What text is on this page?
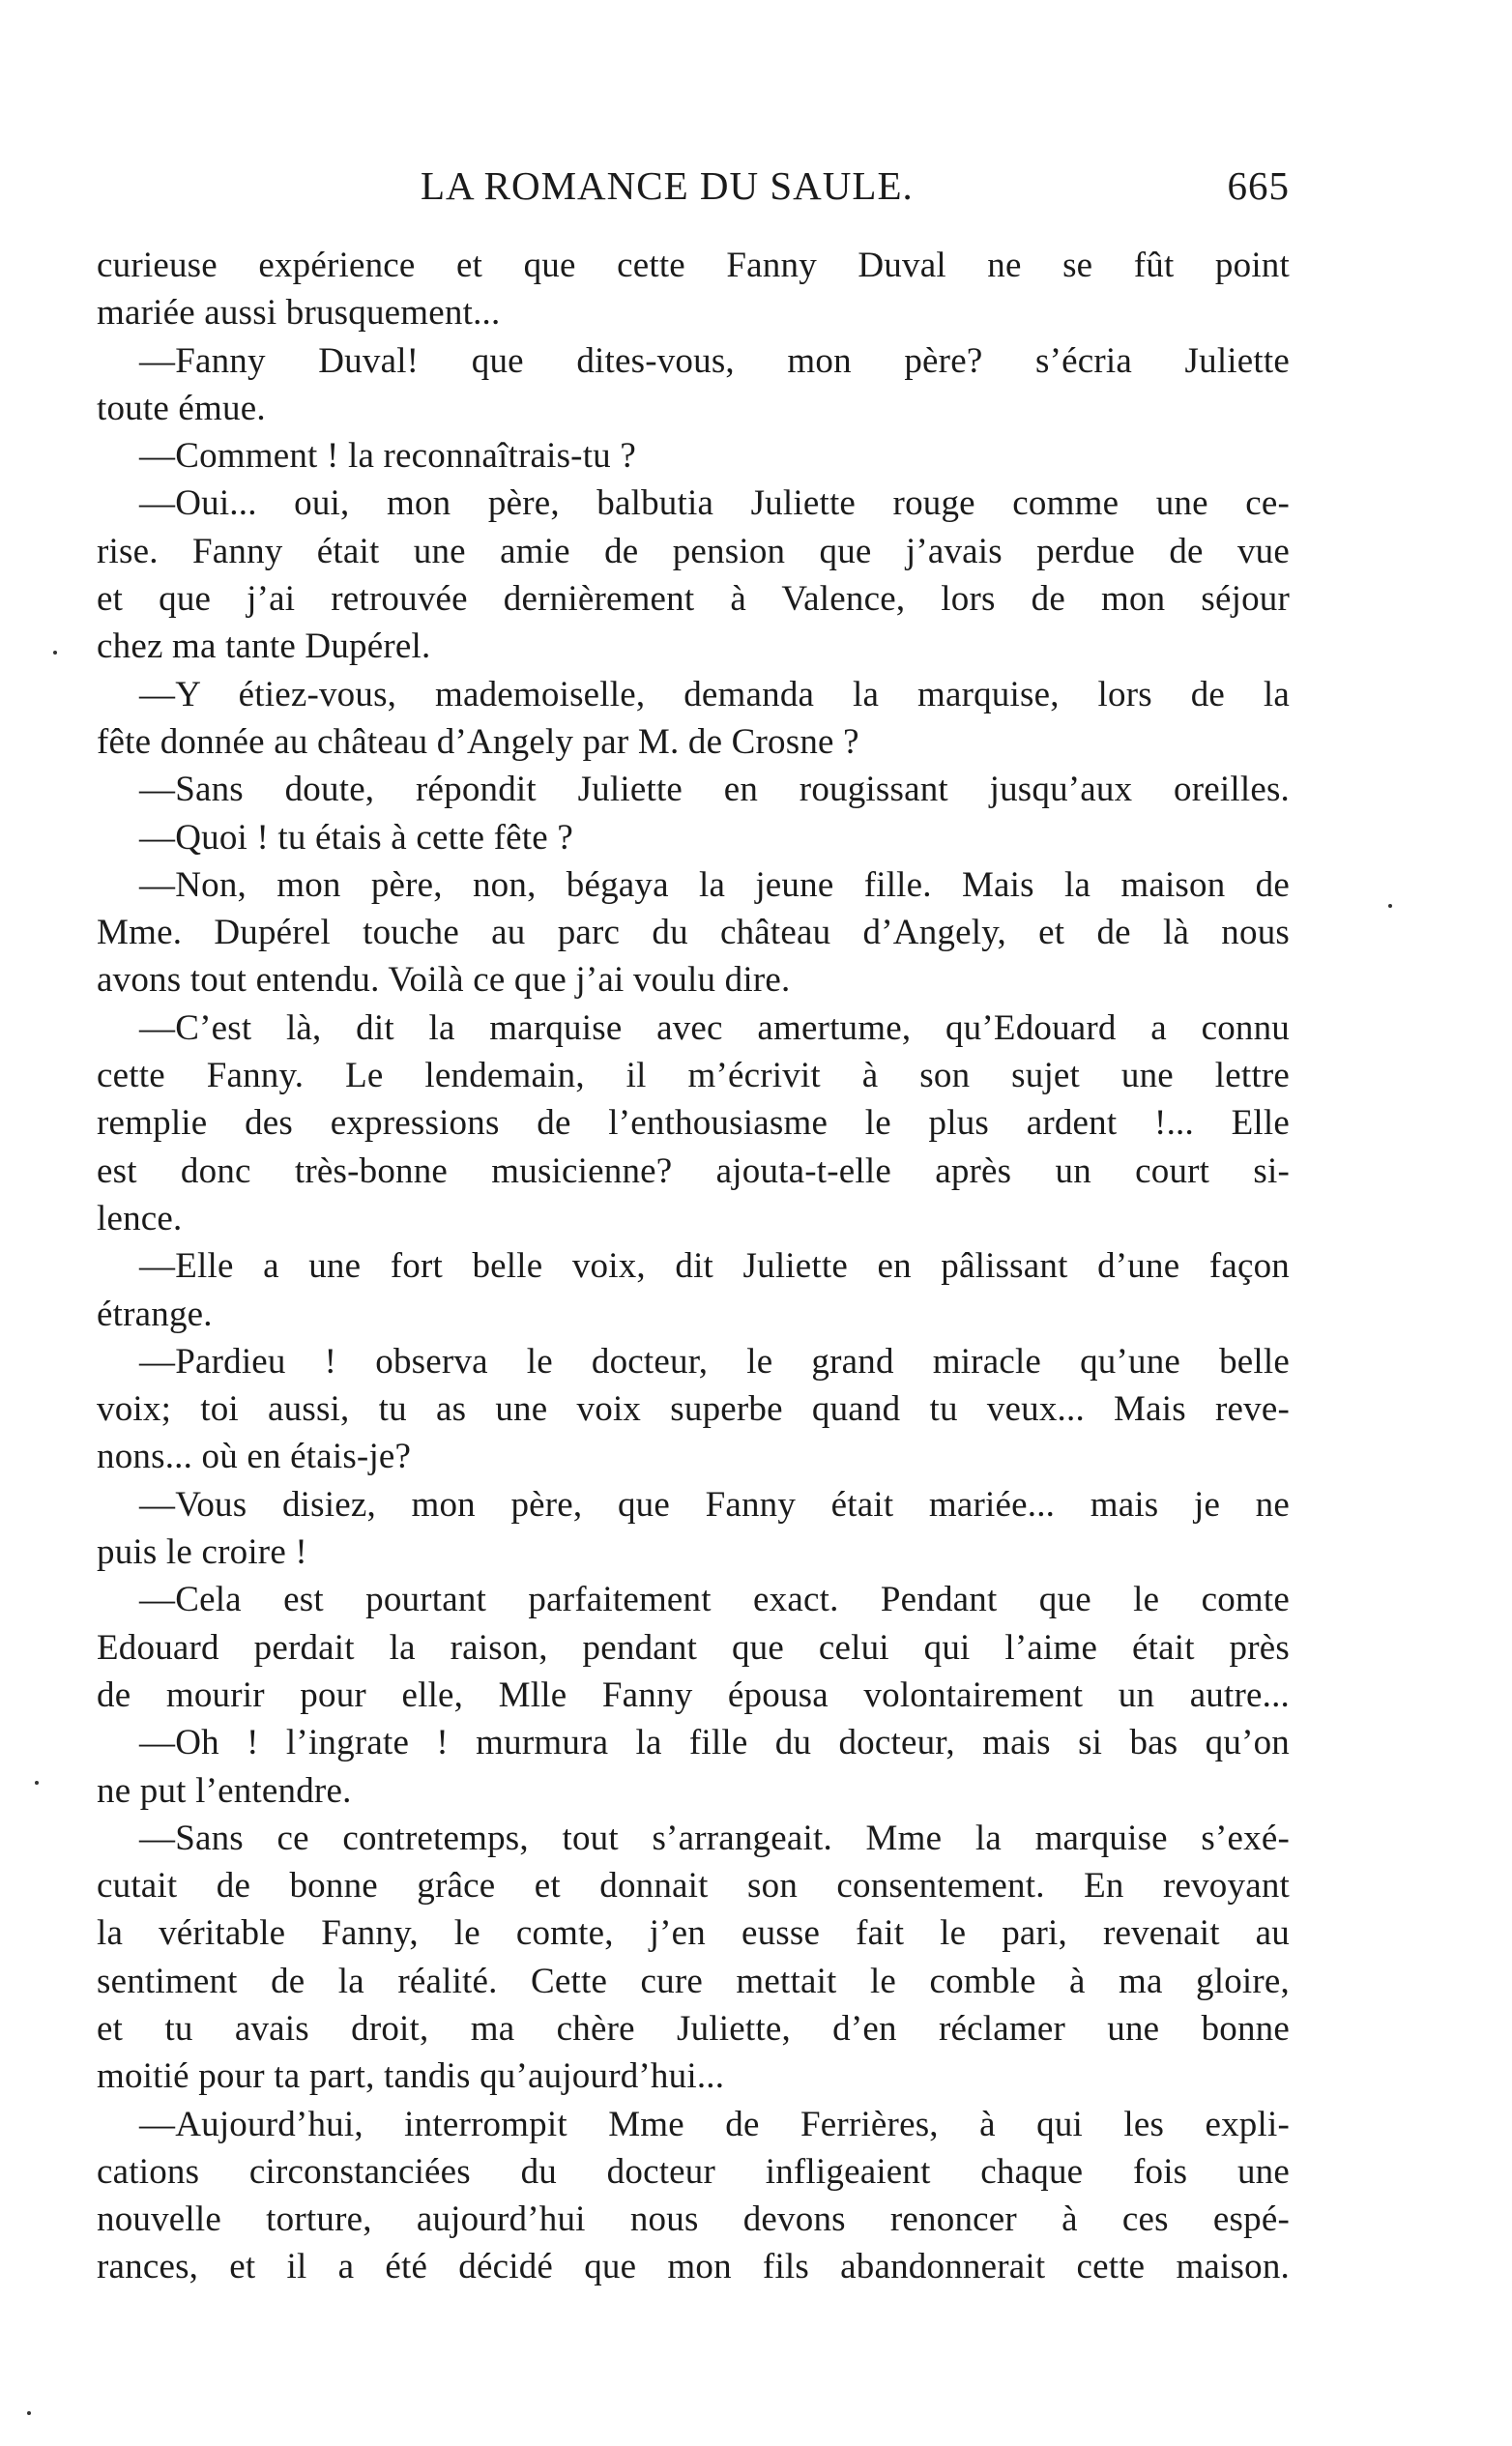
LA ROMANCE DU SAULE.	665
curieuse expérience et que cette Fanny Duval ne se fût point
mariée aussi brusquement...
—Fanny Duval! que dites-vous, mon père? s’écria Juliette
toute émue.
—Comment ! la reconnaîtrais-tu ?
—Oui... oui, mon père, balbutia Juliette rouge comme une ce-
rise. Fanny était une amie de pension que j’avais perdue de vue
et que j’ai retrouvée dernièrement à Valence, lors de mon séjour
chez ma tante Dupérel.
—Y étiez-vous, mademoiselle, demanda la marquise, lors de la
fête donnée au château d’Angely par M. de Crosne ?
—Sans doute, répondit Juliette en rougissant jusqu’aux oreilles.
—Quoi ! tu étais à cette fête ?
—Non, mon père, non, bégaya la jeune fille. Mais la maison de
Mme. Dupérel touche au parc du château d’Angely, et de là nous
avons tout entendu. Voilà ce que j’ai voulu dire.
—C’est là, dit la marquise avec amertume, qu’Edouard a connu
cette Fanny. Le lendemain, il m’écrivit à son sujet une lettre
remplie des expressions de l’enthousiasme le plus ardent !... Elle
est donc très-bonne musicienne? ajouta-t-elle après un court si-
lence.
—Elle a une fort belle voix, dit Juliette en pâlissant d’une façon
étrange.
—Pardieu ! observa le docteur, le grand miracle qu’une belle
voix; toi aussi, tu as une voix superbe quand tu veux... Mais reve-
nons... où en étais-je?
—Vous disiez, mon père, que Fanny était mariée... mais je ne
puis le croire !
—Cela est pourtant parfaitement exact. Pendant que le comte
Edouard perdait la raison, pendant que celui qui l’aime était près
de mourir pour elle, Mlle Fanny épousa volontairement un autre...
—Oh ! l’ingrate ! murmura la fille du docteur, mais si bas qu’on
ne put l’entendre.
—Sans ce contretemps, tout s’arrangeait. Mme la marquise s’exé-
cutait de bonne grâce et donnait son consentement. En revoyant
la véritable Fanny, le comte, j’en eusse fait le pari, revenait au
sentiment de la réalité. Cette cure mettait le comble à ma gloire,
et tu avais droit, ma chère Juliette, d’en réclamer une bonne
moitié pour ta part, tandis qu’aujourd’hui...
—Aujourd’hui, interrompit Mme de Ferrières, à qui les expli-
cations circonstanciées du docteur infligeaient chaque fois une
nouvelle torture, aujourd’hui nous devons renoncer à ces espé-
rances, et il a été décidé que mon fils abandonnerait cette maison.
